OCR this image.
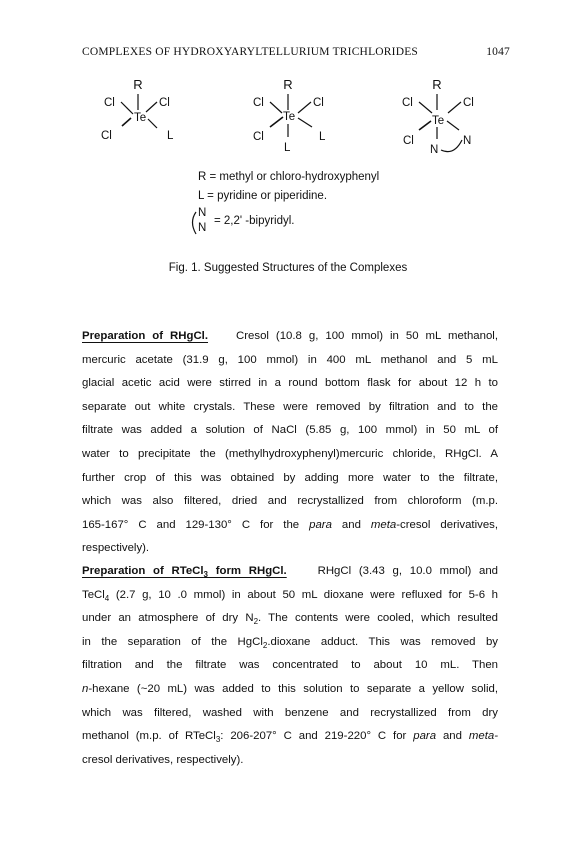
COMPLEXES OF HYDROXYARYLTELLURIUM TRICHLORIDES	1047
R
Cl	Cl
Te
Cl	L
R
Cl	Cl
Te
Cl
L
L
R
Cl	Cl
Te
Cl
N
N
R = methyl or chloro-hydroxyphenyl
L = pyridine or piperidine.
N
N
= 2,2' -bipyridyl.
Fig. 1. Suggested Structures of the Complexes
Preparation of RHgCl. Cresol (10.8 g, 100 mmol) in 50 mL methanol,
mercuric acetate (31.9 g, 100 mmol) in 400 mL methanol and 5 mL
glacial acetic acid were stirred in a round bottom flask for about 12 h to
separate out white crystals. These were removed by filtration and to the
filtrate was added a solution of NaCl (5.85 g, 100 mmol) in 50 mL of
water to precipitate the (methylhydroxyphenyl)mercuric chloride, RHgCl. A
further crop of this was obtained by adding more water to the filtrate,
which was also filtered, dried and recrystallized from chloroform (m.p.
165-167° C and 129-130° C for the para and meta-cresol derivatives,
respectively).
Preparation of RTeCl$_3$ form RHgCl.	RHgCl (3.43 g, 10.0 mmol) and
TeCl$_4$ (2.7 g, 10 .0 mmol) in about 50 mL dioxane were refluxed for 5-6 h
under an atmosphere of dry $N_2$. The contents were cooled, which resulted
in the separation of the HgCl$_2$.dioxane adduct. This was removed by
filtration and the filtrate was concentrated to about 10 mL. Then
n-hexane (~20 mL) was added to this solution to separate a yellow solid,
which was filtered, washed with benzene and recrystallized from dry
methanol (m.p. of RTeCl$_3$: 206-207° C and 219-220° C for para and meta-
cresol derivatives, respectively).
